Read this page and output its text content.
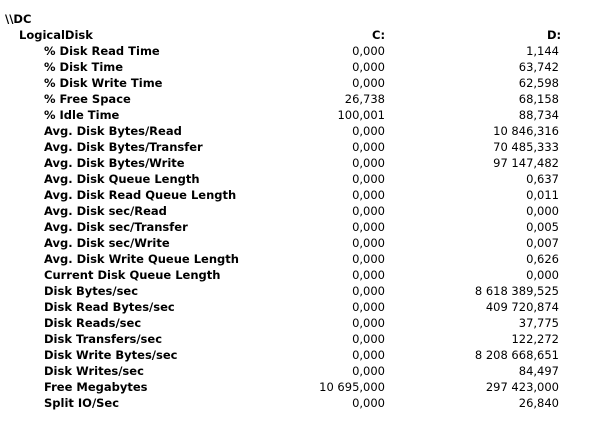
\\DC
LogicalDisk	C:	D:
% Disk Read Time	0,000	1,144
% Disk Time	0,000	63,742
% Disk Write Time	0,000	62,598
% Free Space	26,738	68,158
% Idle Time	100,001	88,734
Avg. Disk Bytes/Read	0,000	10 846,316
Avg. Disk Bytes/Transfer	0,000	70 485,333
Avg. Disk Bytes/Write	0,000	97 147,482
Avg. Disk Queue Length	0,000	0,637
Avg. Disk Read Queue Length	0,000	0,011
Avg. Disk sec/Read	0,000	0,000
Avg. Disk sec/Transfer	0,000	0,005
Avg. Disk sec/Write	0,000	0,007
Avg. Disk Write Queue Length	0,000	0,626
Current Disk Queue Length	0,000	0,000
Disk Bytes/sec	0,000	8 618 389,525
Disk Read Bytes/sec	0,000	409 720,874
Disk Reads/sec	0,000	37,775
Disk Transfers/sec	0,000	122,272
Disk Write Bytes/sec	0,000	8 208 668,651
Disk Writes/sec	0,000	84,497
Free Megabytes	10 695,000	297 423,000
Split IO/Sec	0,000	26,840
